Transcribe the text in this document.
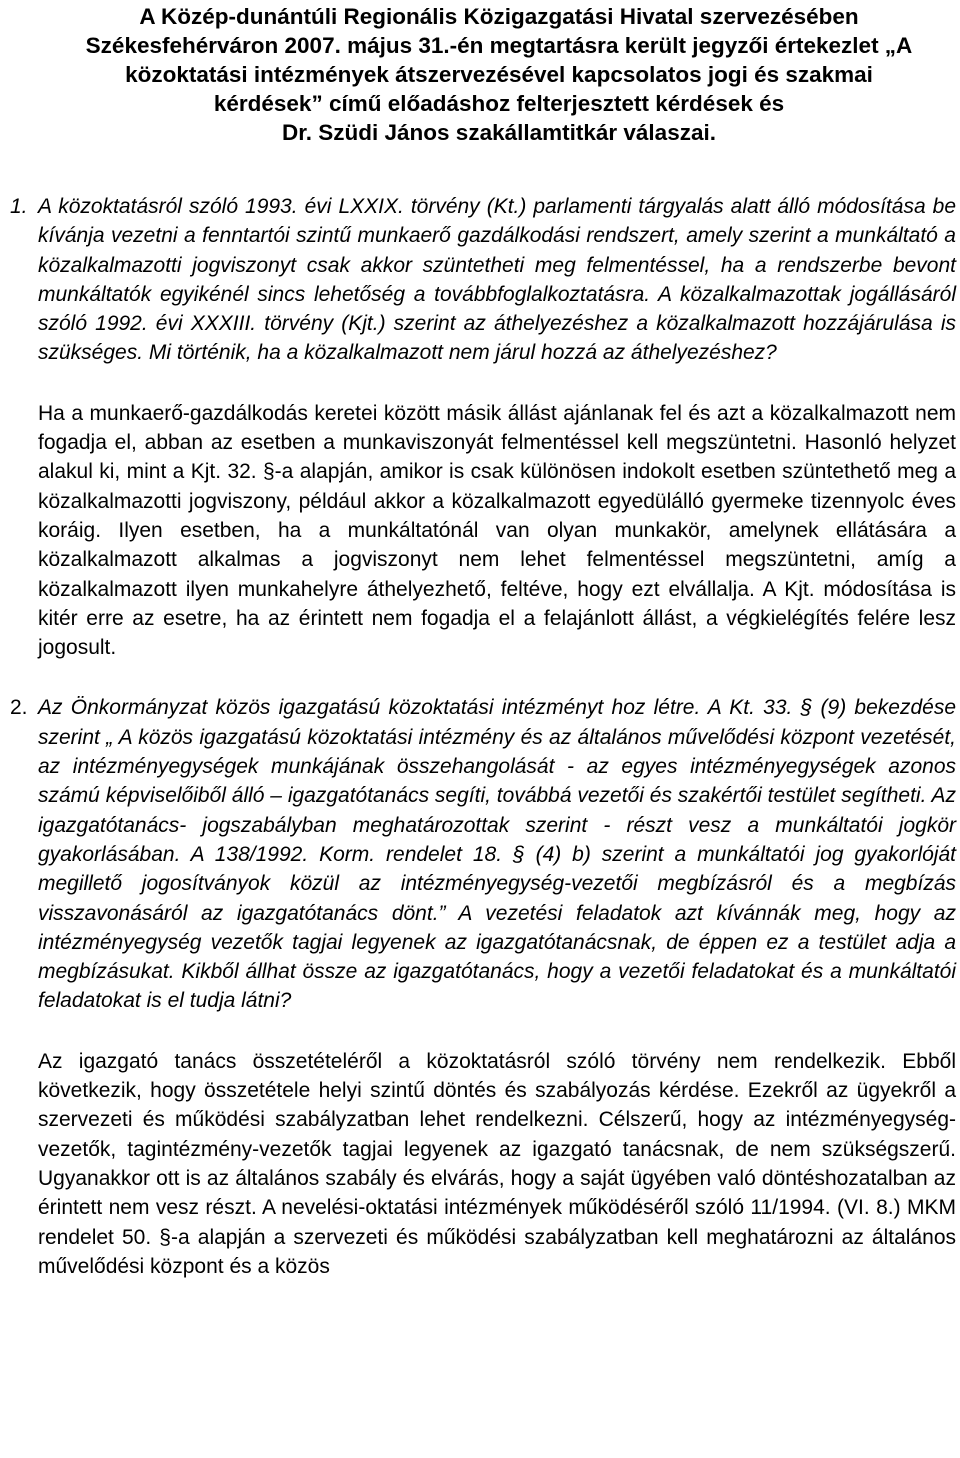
A Közép-dunántúli Regionális Közigazgatási Hivatal szervezésében
Székesfehérváron 2007. május 31.-én megtartásra került jegyzői értekezlet „A
közoktatási intézmények átszervezésével kapcsolatos jogi és szakmai
kérdések” című előadáshoz felterjesztett kérdések és
Dr. Szüdi János szakállamtitkár válaszai.
1. A közoktatásról szóló 1993. évi LXXIX. törvény (Kt.) parlamenti tárgyalás alatt álló módosítása be kívánja vezetni a fenntartói szintű munkaerő gazdálkodási rendszert, amely szerint a munkáltató a közalkalmazotti jogviszonyt csak akkor szüntetheti meg felmentéssel, ha a rendszerbe bevont munkáltatók egyikénél sincs lehetőség a továbbfoglalkoztatásra. A közalkalmazottak jogállásáról szóló 1992. évi XXXIII. törvény (Kjt.) szerint az áthelyezéshez a közalkalmazott hozzájárulása is szükséges. Mi történik, ha a közalkalmazott nem járul hozzá az áthelyezéshez?

Ha a munkaerő-gazdálkodás keretei között másik állást ajánlanak fel és azt a közalkalmazott nem fogadja el, abban az esetben a munkaviszonyát felmentéssel kell megszüntetni. Hasonló helyzet alakul ki, mint a Kjt. 32. §-a alapján, amikor is csak különösen indokolt esetben szüntethető meg a közalkalmazotti jogviszony, például akkor a közalkalmazott egyedülálló gyermeke tizennyolc éves koráig. Ilyen esetben, ha a munkáltatónál van olyan munkakör, amelynek ellátására a közalkalmazott alkalmas a jogviszonyt nem lehet felmentéssel megszüntetni, amíg a közalkalmazott ilyen munkahelyre áthelyezhető, feltéve, hogy ezt elvállalja. A Kjt. módosítása is kitér erre az esetre, ha az érintett nem fogadja el a felajánlott állást, a végkielégítés felére lesz jogosult.

2. Az Önkormányzat közös igazgatású közoktatási intézményt hoz létre. A Kt. 33. § (9) bekezdése szerint „ A közös igazgatású közoktatási intézmény és az általános művelődési központ vezetését, az intézményegységek munkájának összehangolását - az egyes intézményegységek azonos számú képviselőiből álló – igazgatótanács segíti, továbbá vezetői és szakértői testület segítheti. Az igazgatótanács- jogszabályban meghatározottak szerint - részt vesz a munkáltatói jogkör gyakorlásában. A 138/1992. Korm. rendelet 18. § (4) b) szerint a munkáltatói jog gyakorlóját megillető jogosítványok közül az intézményegység-vezetői megbízásról és a megbízás visszavonásáról az igazgatótanács dönt.” A vezetési feladatok azt kívánnák meg, hogy az intézményegység vezetők tagjai legyenek az igazgatótanácsnak, de éppen ez a testület adja a megbízásukat. Kikből állhat össze az igazgatótanács, hogy a vezetői feladatokat és a munkáltatói feladatokat is el tudja látni?

Az igazgató tanács összetételéről a közoktatásról szóló törvény nem rendelkezik. Ebből következik, hogy összetétele helyi szintű döntés és szabályozás kérdése. Ezekről az ügyekről a szervezeti és működési szabályzatban lehet rendelkezni. Célszerű, hogy az intézményegység-vezetők, tagintézmény-vezetők tagjai legyenek az igazgató tanácsnak, de nem szükségszerű. Ugyanakkor ott is az általános szabály és elvárás, hogy a saját ügyében való döntéshozatalban az érintett nem vesz részt. A nevelési-oktatási intézmények működéséről szóló 11/1994. (VI. 8.) MKM rendelet 50. §-a alapján a szervezeti és működési szabályzatban kell meghatározni az általános művelődési központ és a közös
